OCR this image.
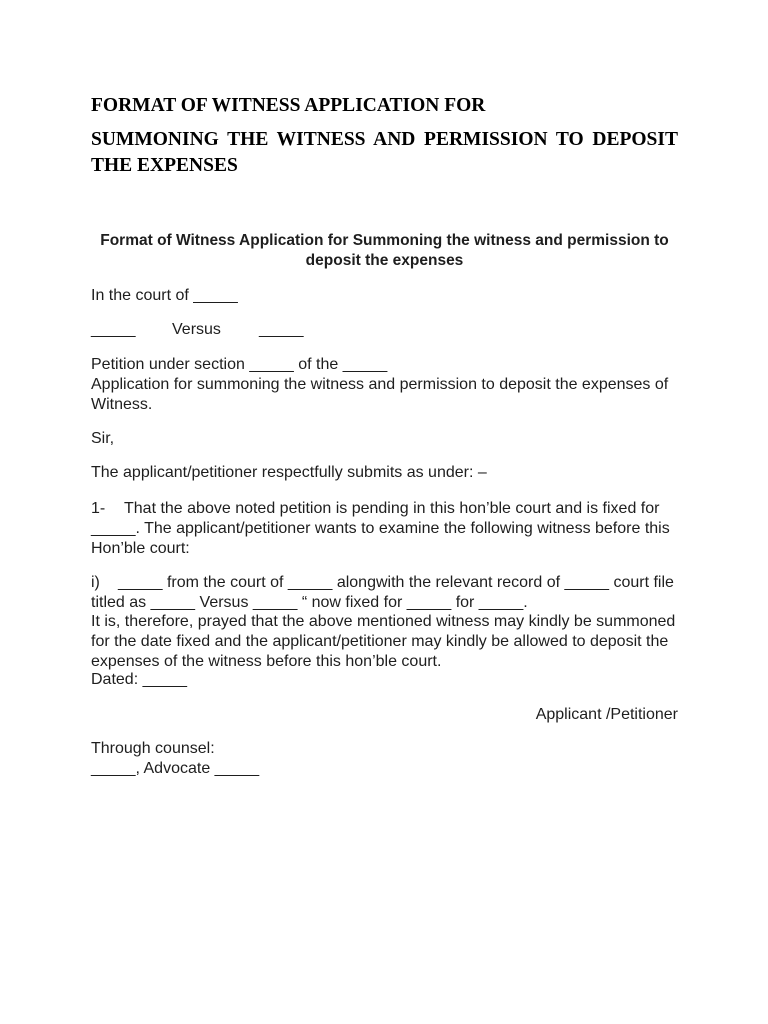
FORMAT OF WITNESS APPLICATION FOR

SUMMONING THE WITNESS AND PERMISSION TO DEPOSIT THE EXPENSES

Format of Witness Application for Summoning the witness and permission to deposit the expenses

In the court of _____

_____ Versus _____

Petition under section _____ of the _____

Application for summoning the witness and permission to deposit the expenses of Witness.

Sir,

The applicant/petitioner respectfully submits as under: –

1- That the above noted petition is pending in this hon’ble court and is fixed for _____. The applicant/petitioner wants to examine the following witness before this Hon’ble court:

i) _____ from the court of _____ alongwith the relevant record of _____ court file titled as _____ Versus _____ “ now fixed for _____ for _____.

It is, therefore, prayed that the above mentioned witness may kindly be summoned for the date fixed and the applicant/petitioner may kindly be allowed to deposit the expenses of the witness before this hon’ble court.

Dated: _____

Applicant /Petitioner

Through counsel:

_____, Advocate _____
